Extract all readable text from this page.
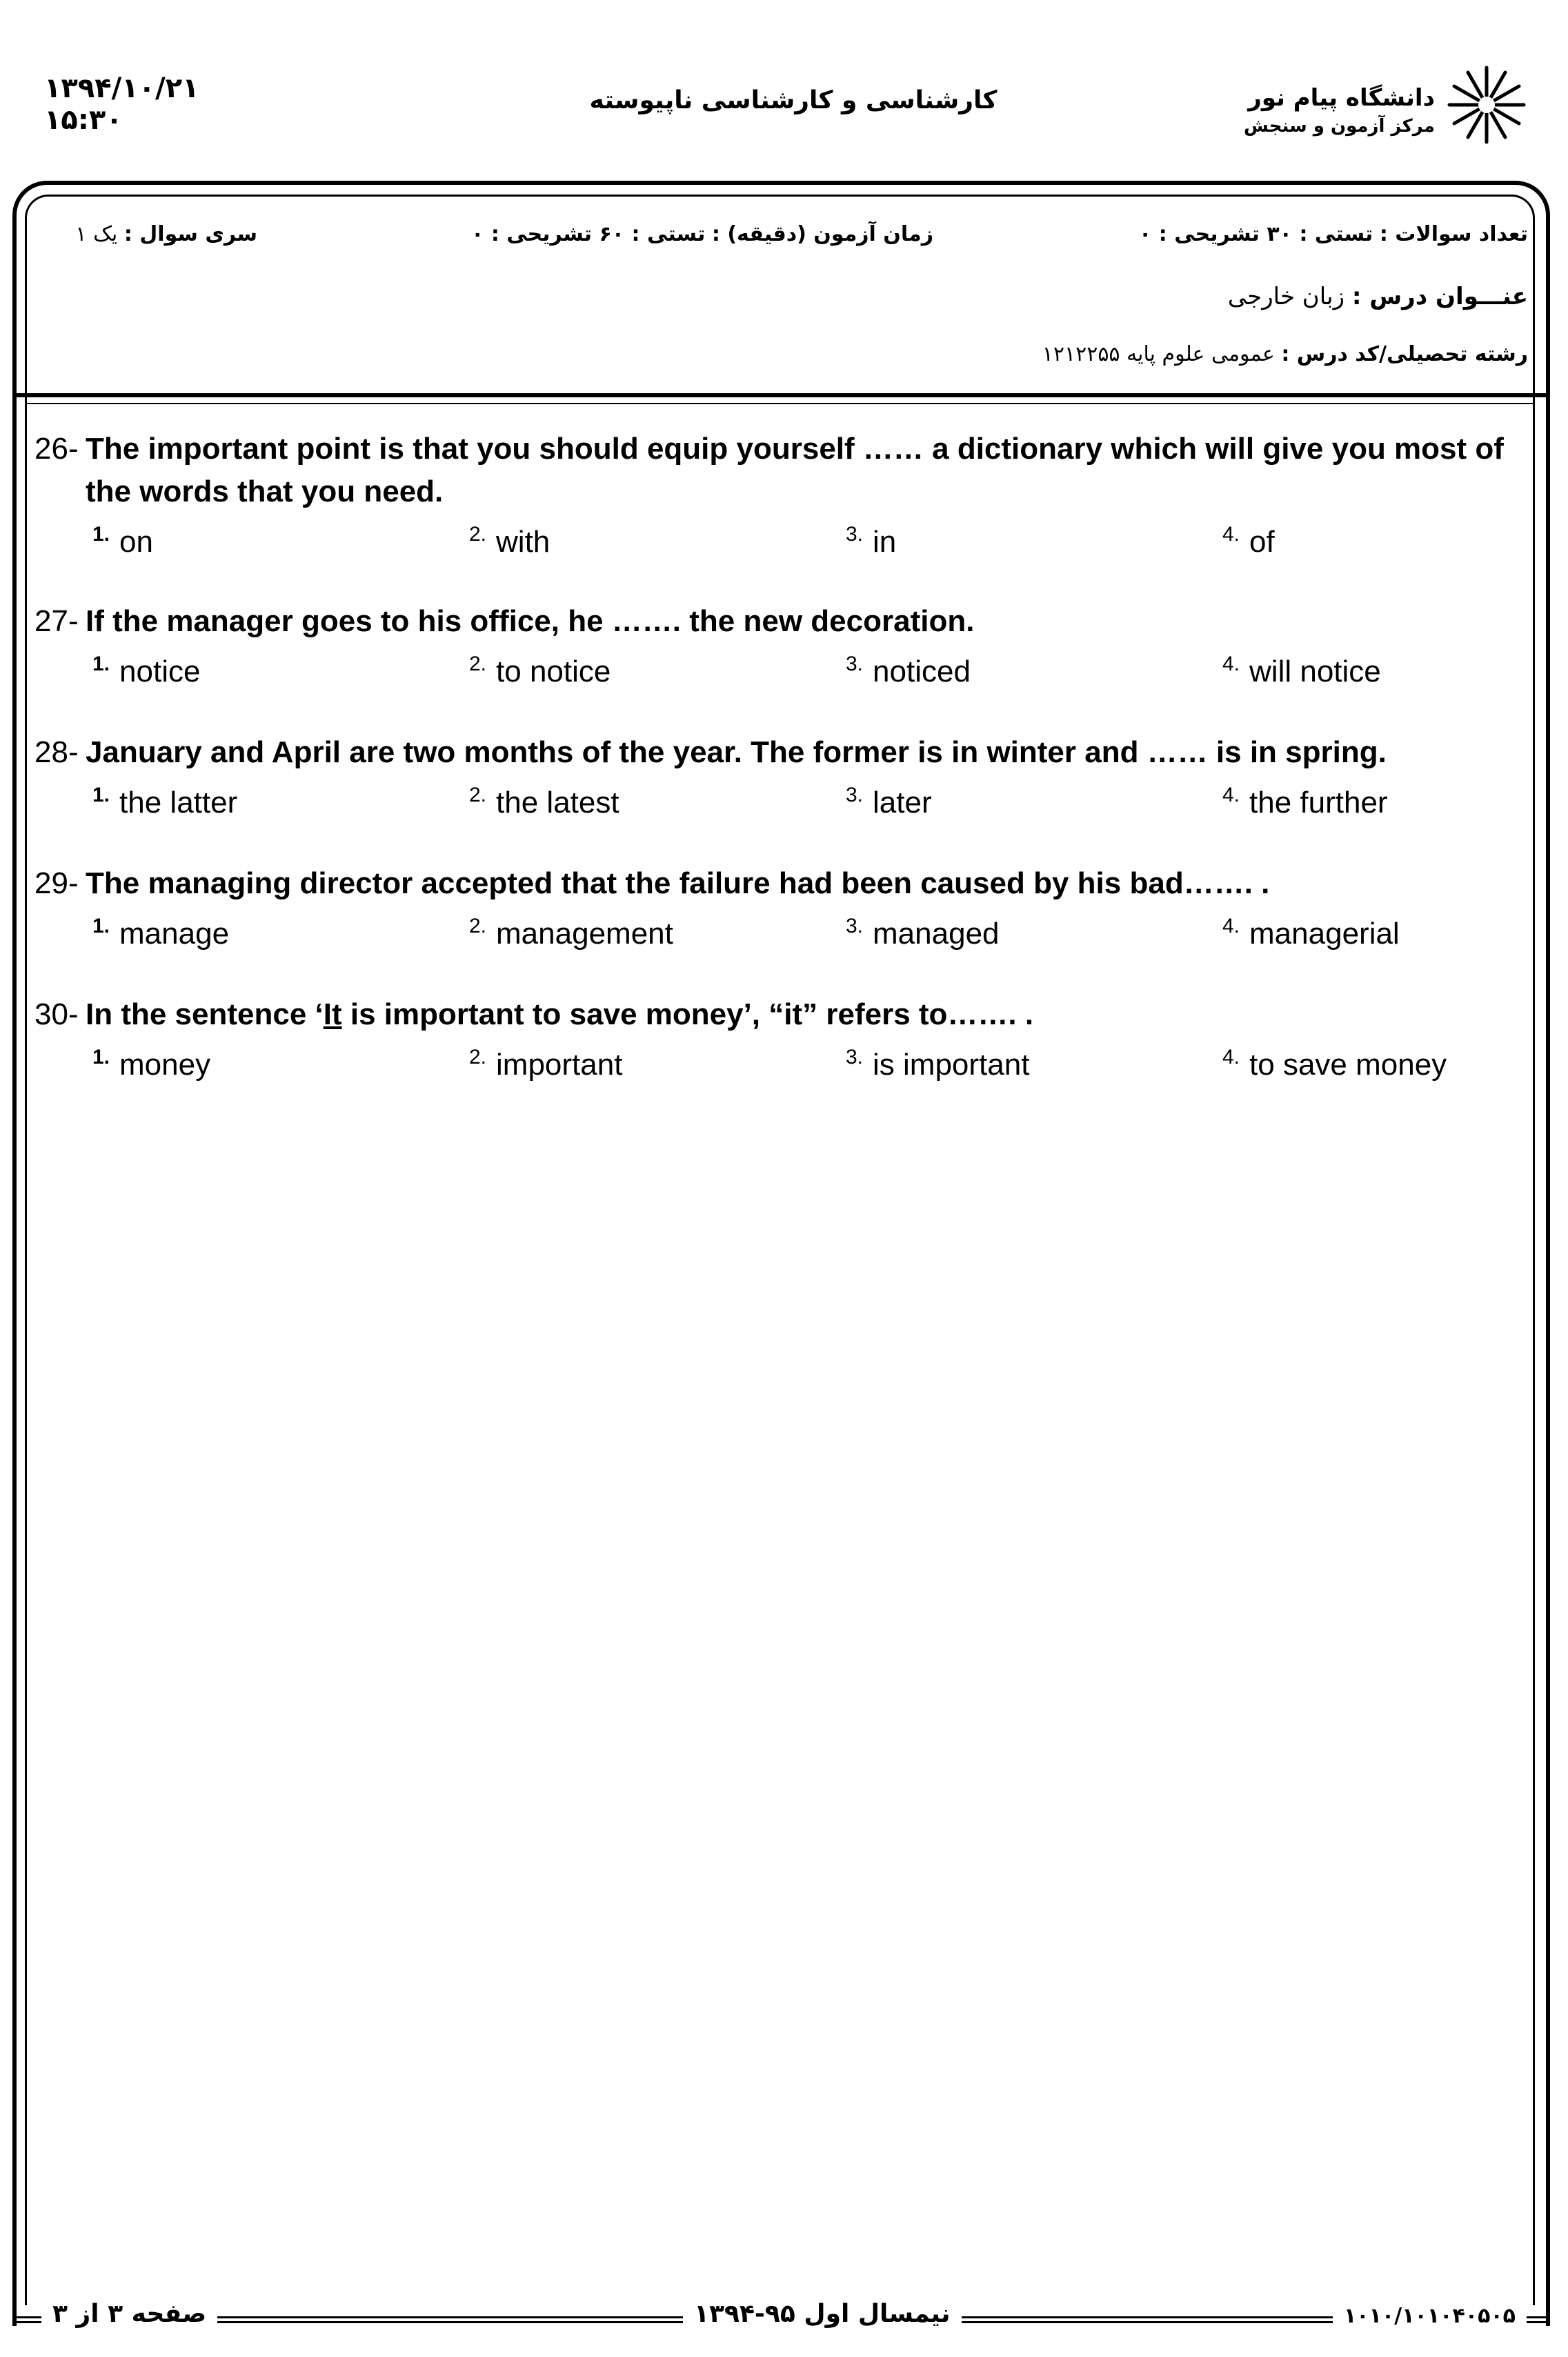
۱۳۹۴/۱۰/۲۱
۱۵:۳۰
کارشناسی و کارشناسی ناپیوسته	دانشگاه پیام نور
مرکز آزمون و سنجش
تعداد سوالات : تستی : ۳۰ تشریحی : ۰
زمان آزمون (دقیقه) : تستی : ۶۰ تشریحی : ۰
سری سوال : یک ۱
عنـــوان درس : زبان خارجی
رشته تحصیلی/کد درس : عمومی علوم پایه ۱۲۱۲۲۵۵
26- The important point is that you should equip yourself …… a dictionary which will give you most of the words that you need.
$^{1.}$ on	$^{2.}$ with	$^{3.}$ in	$^{4.}$ of
27- If the manager goes to his office, he ……. the new decoration.
$^{1.}$ notice	$^{2.}$ to notice	$^{3.}$ noticed	$^{4.}$ will notice
28- January and April are two months of the year. The former is in winter and …… is in spring.
$^{1.}$ the latter	$^{2.}$ the latest	$^{3.}$ later	$^{4.}$ the further
29- The managing director accepted that the failure had been caused by his bad……. .
$^{1.}$ manage	$^{2.}$ management	$^{3.}$ managed	$^{4.}$ managerial
30- In the sentence ‘It is important to save money’, “it” refers to……. .
$^{1.}$ money	$^{2.}$ important	$^{3.}$ is important	$^{4.}$ to save money
صفحه ۳ از ۳	نیمسال اول ۹۵-۱۳۹۴	۱۰۱۰/۱۰۱۰۴۰۵۰۵
